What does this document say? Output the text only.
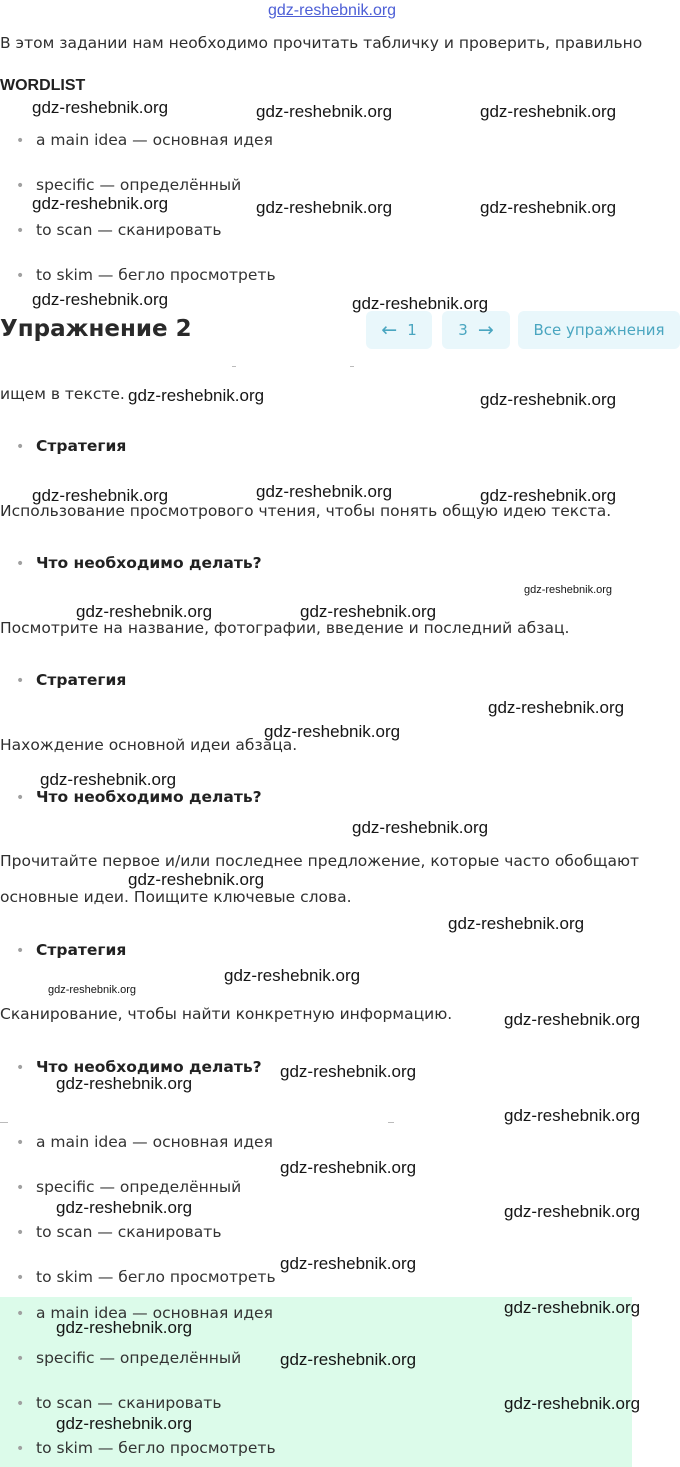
gdz-reshebnik.org
В этом задании нам необходимо прочитать табличку и проверить, правильно
WORDLIST
• a main idea — основная идея
• specific — определённый
• to scan — сканировать
• to skim — бегло просмотреть
Упражнение 2	← 1	3 →	Все упражнения
ищем в тексте.
• Стратегия
Использование просмотрового чтения, чтобы понять общую идею текста.
• Что необходимо делать?
Посмотрите на название, фотографии, введение и последний абзац.
• Стратегия
Нахождение основной идеи абзаца.
• Что необходимо делать?
Прочитайте первое и/или последнее предложение, которые часто обобщают
основные идеи. Поищите ключевые слова.
• Стратегия
Сканирование, чтобы найти конкретную информацию.
• Что необходимо делать?
• a main idea — основная идея
• specific — определённый
• to scan — сканировать
• to skim — бегло просмотреть
• a main idea — основная идея
• specific — определённый
• to scan — сканировать
• to skim — бегло просмотреть
gdz-reshebnik.org	gdz-reshebnik.org	gdz-reshebnik.org
gdz-reshebnik.org	gdz-reshebnik.org	gdz-reshebnik.org
gdz-reshebnik.org	gdz-reshebnik.org
gdz-reshebnik.org	gdz-reshebnik.org
gdz-reshebnik.org	gdz-reshebnik.org	gdz-reshebnik.org
gdz-reshebnik.org
gdz-reshebnik.org	gdz-reshebnik.org
gdz-reshebnik.org
gdz-reshebnik.org
gdz-reshebnik.org
gdz-reshebnik.org
gdz-reshebnik.org
gdz-reshebnik.org
gdz-reshebnik.org
gdz-reshebnik.org
gdz-reshebnik.org
gdz-reshebnik.org
gdz-reshebnik.org
gdz-reshebnik.org
gdz-reshebnik.org
gdz-reshebnik.org	gdz-reshebnik.org
gdz-reshebnik.org
gdz-reshebnik.org
gdz-reshebnik.org
gdz-reshebnik.org
gdz-reshebnik.org
gdz-reshebnik.org
